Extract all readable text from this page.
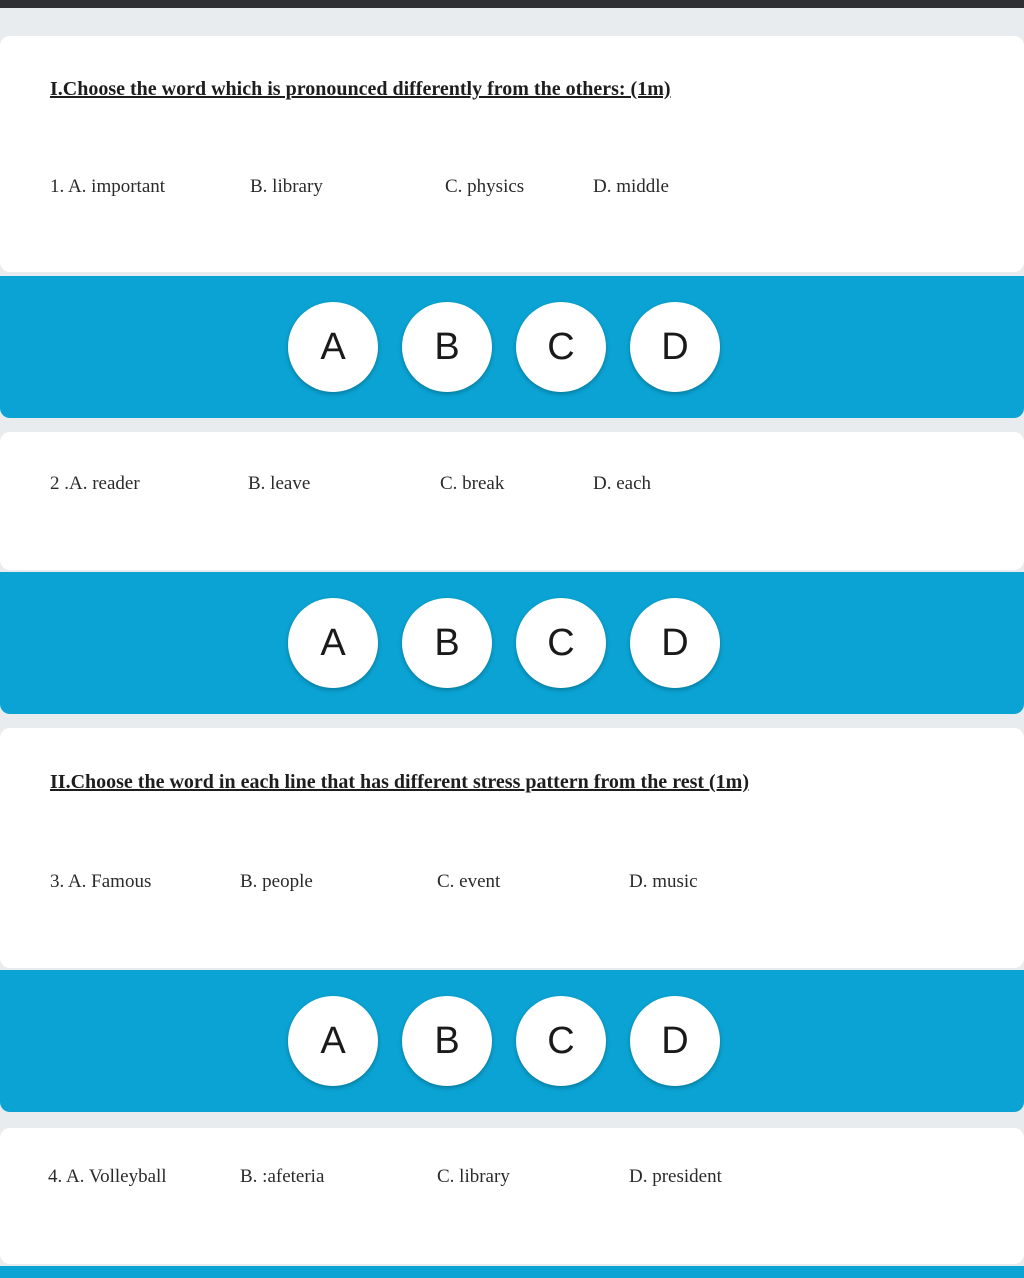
I.Choose the word which is pronounced differently from the others: (1m)
1. A. important	B. library	C. physics	D. middle
A	B	C	D
2 .A. reader	B. leave	C. break	D. each
A	B	C	D
II.Choose the word in each line that has different stress pattern from the rest (1m)
3. A. Famous	B. people	C. event	D. music
A	B	C	D
4. A. Volleyball	B. :afeteria	C. library	D. president
